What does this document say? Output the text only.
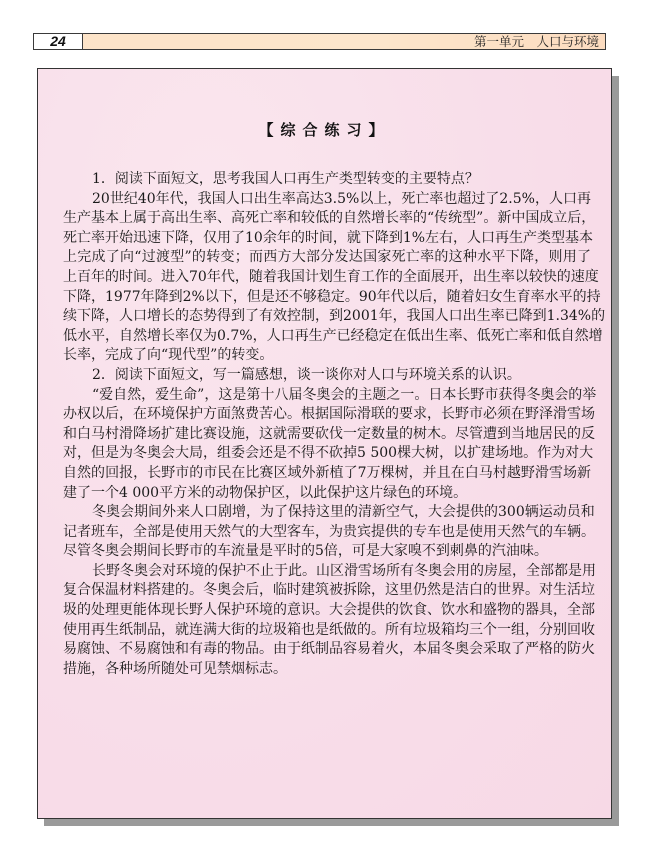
24	第一单元　人口与环境
【综合练习】
1．阅读下面短文，思考我国人口再生产类型转变的主要特点？
20世纪40年代，我国人口出生率高达3.5%以上，死亡率也超过了2.5%，人口再
生产基本上属于高出生率、高死亡率和较低的自然增长率的“传统型”。新中国成立后，
死亡率开始迅速下降，仅用了10余年的时间，就下降到1%左右，人口再生产类型基本
上完成了向“过渡型”的转变；而西方大部分发达国家死亡率的这种水平下降，则用了
上百年的时间。进入70年代，随着我国计划生育工作的全面展开，出生率以较快的速度
下降，1977年降到2%以下，但是还不够稳定。90年代以后，随着妇女生育率水平的持
续下降，人口增长的态势得到了有效控制，到2001年，我国人口出生率已降到1.34%的
低水平，自然增长率仅为0.7%，人口再生产已经稳定在低出生率、低死亡率和低自然增
长率，完成了向“现代型”的转变。
2．阅读下面短文，写一篇感想，谈一谈你对人口与环境关系的认识。
“爱自然，爱生命”，这是第十八届冬奥会的主题之一。日本长野市获得冬奥会的举
办权以后，在环境保护方面煞费苦心。根据国际滑联的要求，长野市必须在野泽滑雪场
和白马村滑降场扩建比赛设施，这就需要砍伐一定数量的树木。尽管遭到当地居民的反
对，但是为冬奥会大局，组委会还是不得不砍掉5 500棵大树，以扩建场地。作为对大
自然的回报，长野市的市民在比赛区域外新植了7万棵树，并且在白马村越野滑雪场新
建了一个4 000平方米的动物保护区，以此保护这片绿色的环境。
冬奥会期间外来人口剧增，为了保持这里的清新空气，大会提供的300辆运动员和
记者班车，全部是使用天然气的大型客车，为贵宾提供的专车也是使用天然气的车辆。
尽管冬奥会期间长野市的车流量是平时的5倍，可是大家嗅不到刺鼻的汽油味。
长野冬奥会对环境的保护不止于此。山区滑雪场所有冬奥会用的房屋，全部都是用
复合保温材料搭建的。冬奥会后，临时建筑被拆除，这里仍然是洁白的世界。对生活垃
圾的处理更能体现长野人保护环境的意识。大会提供的饮食、饮水和盛物的器具，全部
使用再生纸制品，就连满大街的垃圾箱也是纸做的。所有垃圾箱均三个一组，分别回收
易腐蚀、不易腐蚀和有毒的物品。由于纸制品容易着火，本届冬奥会采取了严格的防火
措施，各种场所随处可见禁烟标志。
